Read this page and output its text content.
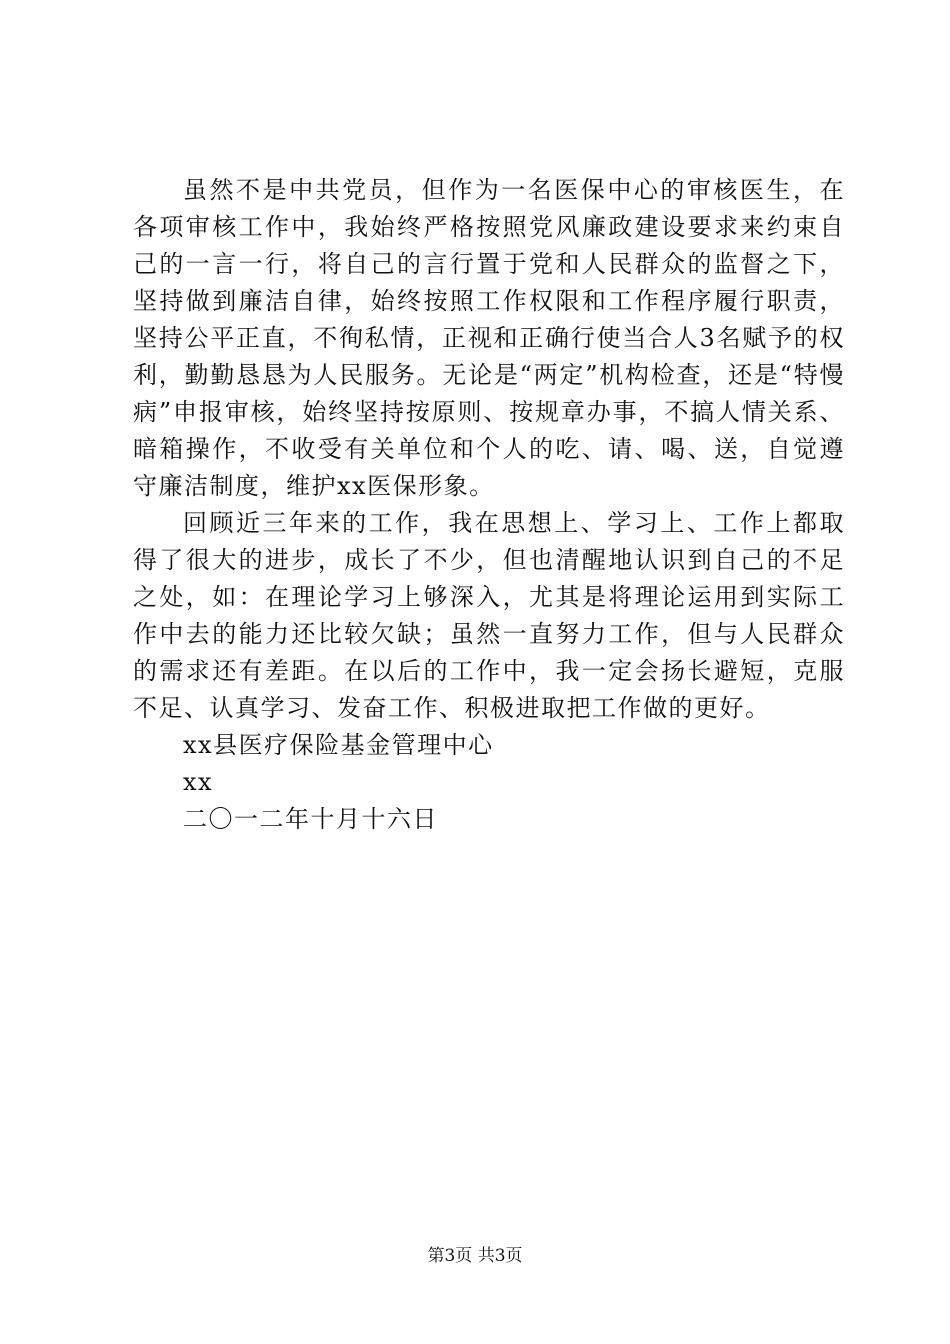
虽然不是中共党员，但作为一名医保中心的审核医生，在各项审核工作中，我始终严格按照党风廉政建设要求来约束自己的一言一行，将自己的言行置于党和人民群众的监督之下，坚持做到廉洁自律，始终按照工作权限和工作程序履行职责，坚持公平正直，不徇私情，正视和正确行使当合人3名赋予的权利，勤勤恳恳为人民服务。无论是“两定”机构检查，还是“特慢病”申报审核，始终坚持按原则、按规章办事，不搞人情关系、暗箱操作，不收受有关单位和个人的吃、请、喝、送，自觉遵守廉洁制度，维护xx医保形象。

回顾近三年来的工作，我在思想上、学习上、工作上都取得了很大的进步，成长了不少，但也清醒地认识到自己的不足之处，如：在理论学习上够深入，尤其是将理论运用到实际工作中去的能力还比较欠缺；虽然一直努力工作，但与人民群众的需求还有差距。在以后的工作中，我一定会扬长避短，克服不足、认真学习、发奋工作、积极进取把工作做的更好。

xx县医疗保险基金管理中心

xx

二〇一二年十月十六日

第3页 共3页
